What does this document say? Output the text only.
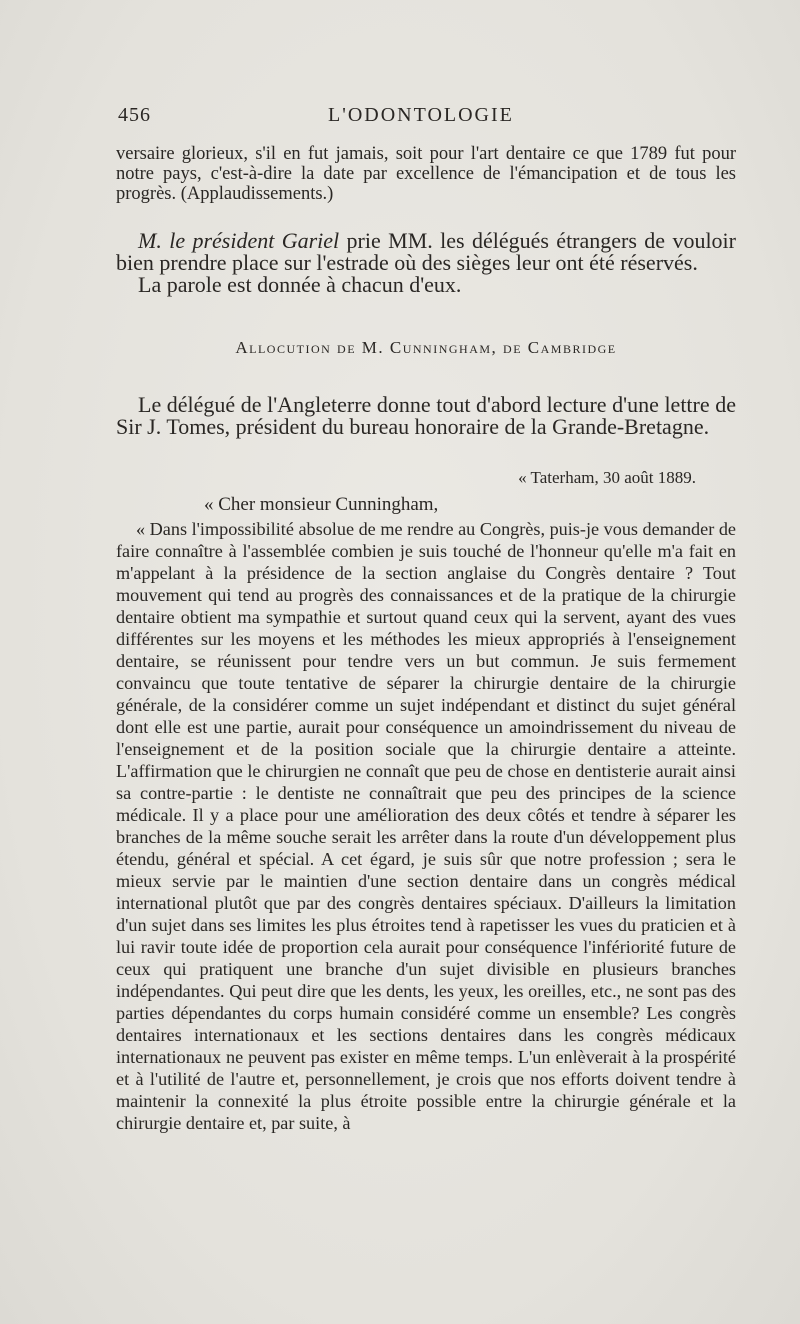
456	L'ODONTOLOGIE

versaire glorieux, s'il en fut jamais, soit pour l'art dentaire ce que 1789 fut pour notre pays, c'est-à-dire la date par excellence de l'émancipation et de tous les progrès. (Applaudissements.)

M. le président Gariel prie MM. les délégués étrangers de vouloir bien prendre place sur l'estrade où des sièges leur ont été réservés.

La parole est donnée à chacun d'eux.

Allocution de M. Cunningham, de Cambridge

Le délégué de l'Angleterre donne tout d'abord lecture d'une lettre de Sir J. Tomes, président du bureau honoraire de la Grande-Bretagne.

« Taterham, 30 août 1889.
« Cher monsieur Cunningham,

« Dans l'impossibilité absolue de me rendre au Congrès, puis-je vous demander de faire connaître à l'assemblée combien je suis touché de l'honneur qu'elle m'a fait en m'appelant à la présidence de la section anglaise du Congrès dentaire ? Tout mouvement qui tend au progrès des connaissances et de la pratique de la chirurgie dentaire obtient ma sympathie et surtout quand ceux qui la servent, ayant des vues différentes sur les moyens et les méthodes les mieux appropriés à l'enseignement dentaire, se réunissent pour tendre vers un but commun. Je suis fermement convaincu que toute tentative de séparer la chirurgie dentaire de la chirurgie générale, de la considérer comme un sujet indépendant et distinct du sujet général dont elle est une partie, aurait pour conséquence un amoindrissement du niveau de l'enseignement et de la position sociale que la chirurgie dentaire a atteinte. L'affirmation que le chirurgien ne connaît que peu de chose en dentisterie aurait ainsi sa contre-partie : le dentiste ne connaîtrait que peu des principes de la science médicale. Il y a place pour une amélioration des deux côtés et tendre à séparer les branches de la même souche serait les arrêter dans la route d'un développement plus étendu, général et spécial. A cet égard, je suis sûr que notre profession ; sera le mieux servie par le maintien d'une section dentaire dans un congrès médical international plutôt que par des congrès dentaires spéciaux. D'ailleurs la limitation d'un sujet dans ses limites les plus étroites tend à rapetisser les vues du praticien et à lui ravir toute idée de proportion cela aurait pour conséquence l'infériorité future de ceux qui pratiquent une branche d'un sujet divisible en plusieurs branches indépendantes. Qui peut dire que les dents, les yeux, les oreilles, etc., ne sont pas des parties dépendantes du corps humain considéré comme un ensemble? Les congrès dentaires internationaux et les sections dentaires dans les congrès médicaux internationaux ne peuvent pas exister en même temps. L'un enlèverait à la prospérité et à l'utilité de l'autre et, personnellement, je crois que nos efforts doivent tendre à maintenir la connexité la plus étroite possible entre la chirurgie générale et la chirurgie dentaire et, par suite, à
